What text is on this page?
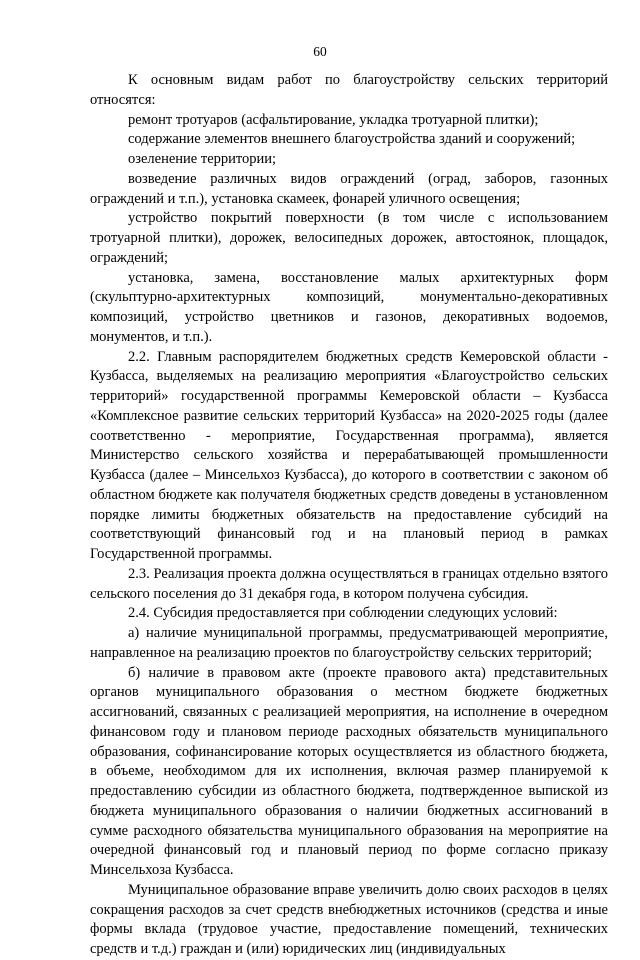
60

К основным видам работ по благоустройству сельских территорий относятся:

ремонт тротуаров (асфальтирование, укладка тротуарной плитки);

содержание элементов внешнего благоустройства зданий и сооружений;

озеленение территории;

возведение различных видов ограждений (оград, заборов, газонных ограждений и т.п.), установка скамеек, фонарей уличного освещения;

устройство покрытий поверхности (в том числе с использованием тротуарной плитки), дорожек, велосипедных дорожек, автостоянок, площадок, ограждений;

установка, замена, восстановление малых архитектурных форм (скульптурно-архитектурных композиций, монументально-декоративных композиций, устройство цветников и газонов, декоративных водоемов, монументов, и т.п.).

2.2. Главным распорядителем бюджетных средств Кемеровской области - Кузбасса, выделяемых на реализацию мероприятия «Благоустройство сельских территорий» государственной программы Кемеровской области – Кузбасса «Комплексное развитие сельских территорий Кузбасса» на 2020-2025 годы (далее соответственно - мероприятие, Государственная программа), является Министерство сельского хозяйства и перерабатывающей промышленности Кузбасса (далее – Минсельхоз Кузбасса), до которого в соответствии с законом об областном бюджете как получателя бюджетных средств доведены в установленном порядке лимиты бюджетных обязательств на предоставление субсидий на соответствующий финансовый год и на плановый период в рамках Государственной программы.

2.3. Реализация проекта должна осуществляться в границах отдельно взятого сельского поселения до 31 декабря года, в котором получена субсидия.

2.4. Субсидия предоставляется при соблюдении следующих условий:

а) наличие муниципальной программы, предусматривающей мероприятие, направленное на реализацию проектов по благоустройству сельских территорий;

б) наличие в правовом акте (проекте правового акта) представительных органов муниципального образования о местном бюджете бюджетных ассигнований, связанных с реализацией мероприятия, на исполнение в очередном финансовом году и плановом периоде расходных обязательств муниципального образования, софинансирование которых осуществляется из областного бюджета, в объеме, необходимом для их исполнения, включая размер планируемой к предоставлению субсидии из областного бюджета, подтвержденное выпиской из бюджета муниципального образования о наличии бюджетных ассигнований в сумме расходного обязательства муниципального образования на мероприятие на очередной финансовый год и плановый период по форме согласно приказу Минсельхоза Кузбасса.

Муниципальное образование вправе увеличить долю своих расходов в целях сокращения расходов за счет средств внебюджетных источников (средства и иные формы вклада (трудовое участие, предоставление помещений, технических средств и т.д.) граждан и (или) юридических лиц (индивидуальных
